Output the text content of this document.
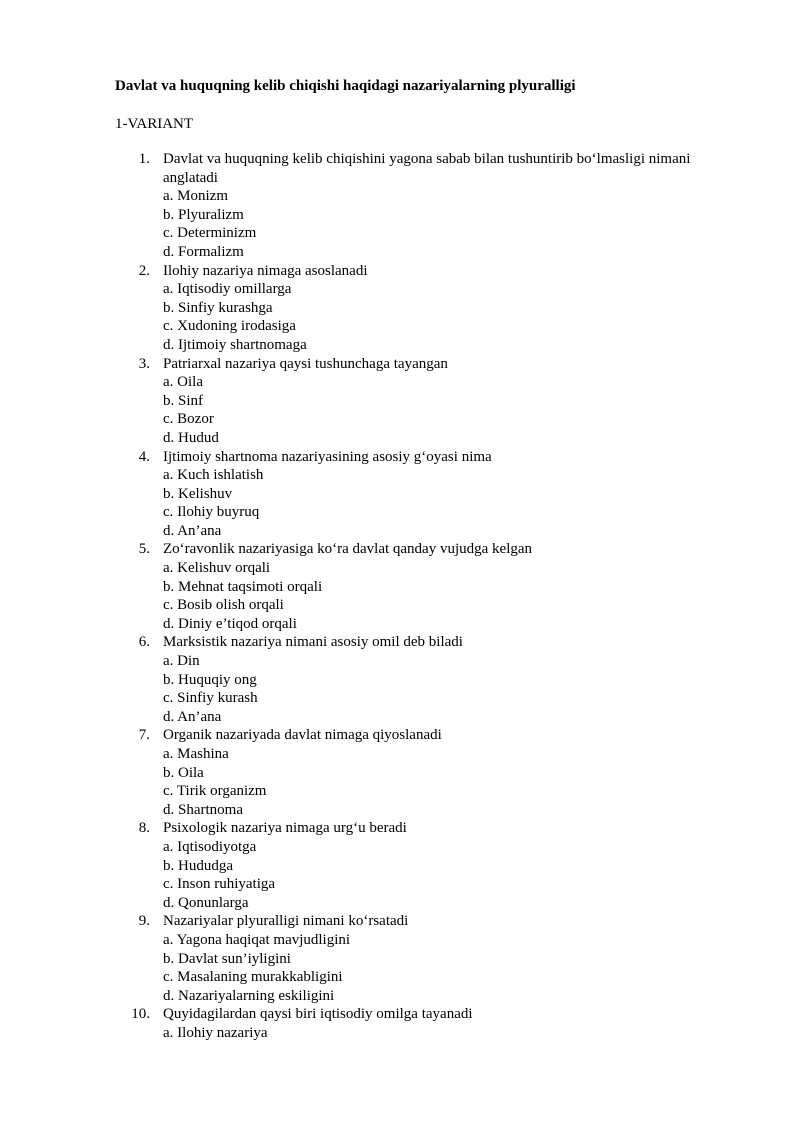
Davlat va huquqning kelib chiqishi haqidagi nazariyalarning plyuralligi
1-VARIANT
1. Davlat va huquqning kelib chiqishini yagona sabab bilan tushuntirib bo‘lmasligi nimani anglatadi
a. Monizm
b. Plyuralizm
c. Determinizm
d. Formalizm
2. Ilohiy nazariya nimaga asoslanadi
a. Iqtisodiy omillarga
b. Sinfiy kurashga
c. Xudoning irodasiga
d. Ijtimoiy shartnomaga
3. Patriarxal nazariya qaysi tushunchaga tayangan
a. Oila
b. Sinf
c. Bozor
d. Hudud
4. Ijtimoiy shartnoma nazariyasining asosiy g‘oyasi nima
a. Kuch ishlatish
b. Kelishuv
c. Ilohiy buyruq
d. An’ana
5. Zo‘ravonlik nazariyasiga ko‘ra davlat qanday vujudga kelgan
a. Kelishuv orqali
b. Mehnat taqsimoti orqali
c. Bosib olish orqali
d. Diniy e’tiqod orqali
6. Marksistik nazariya nimani asosiy omil deb biladi
a. Din
b. Huquqiy ong
c. Sinfiy kurash
d. An’ana
7. Organik nazariyada davlat nimaga qiyoslanadi
a. Mashina
b. Oila
c. Tirik organizm
d. Shartnoma
8. Psixologik nazariya nimaga urg‘u beradi
a. Iqtisodiyotga
b. Hududga
c. Inson ruhiyatiga
d. Qonunlarga
9. Nazariyalar plyuralligi nimani ko‘rsatadi
a. Yagona haqiqat mavjudligini
b. Davlat sun’iyligini
c. Masalaning murakkabligini
d. Nazariyalarning eskiligini
10. Quyidagilardan qaysi biri iqtisodiy omilga tayanadi
a. Ilohiy nazariya
